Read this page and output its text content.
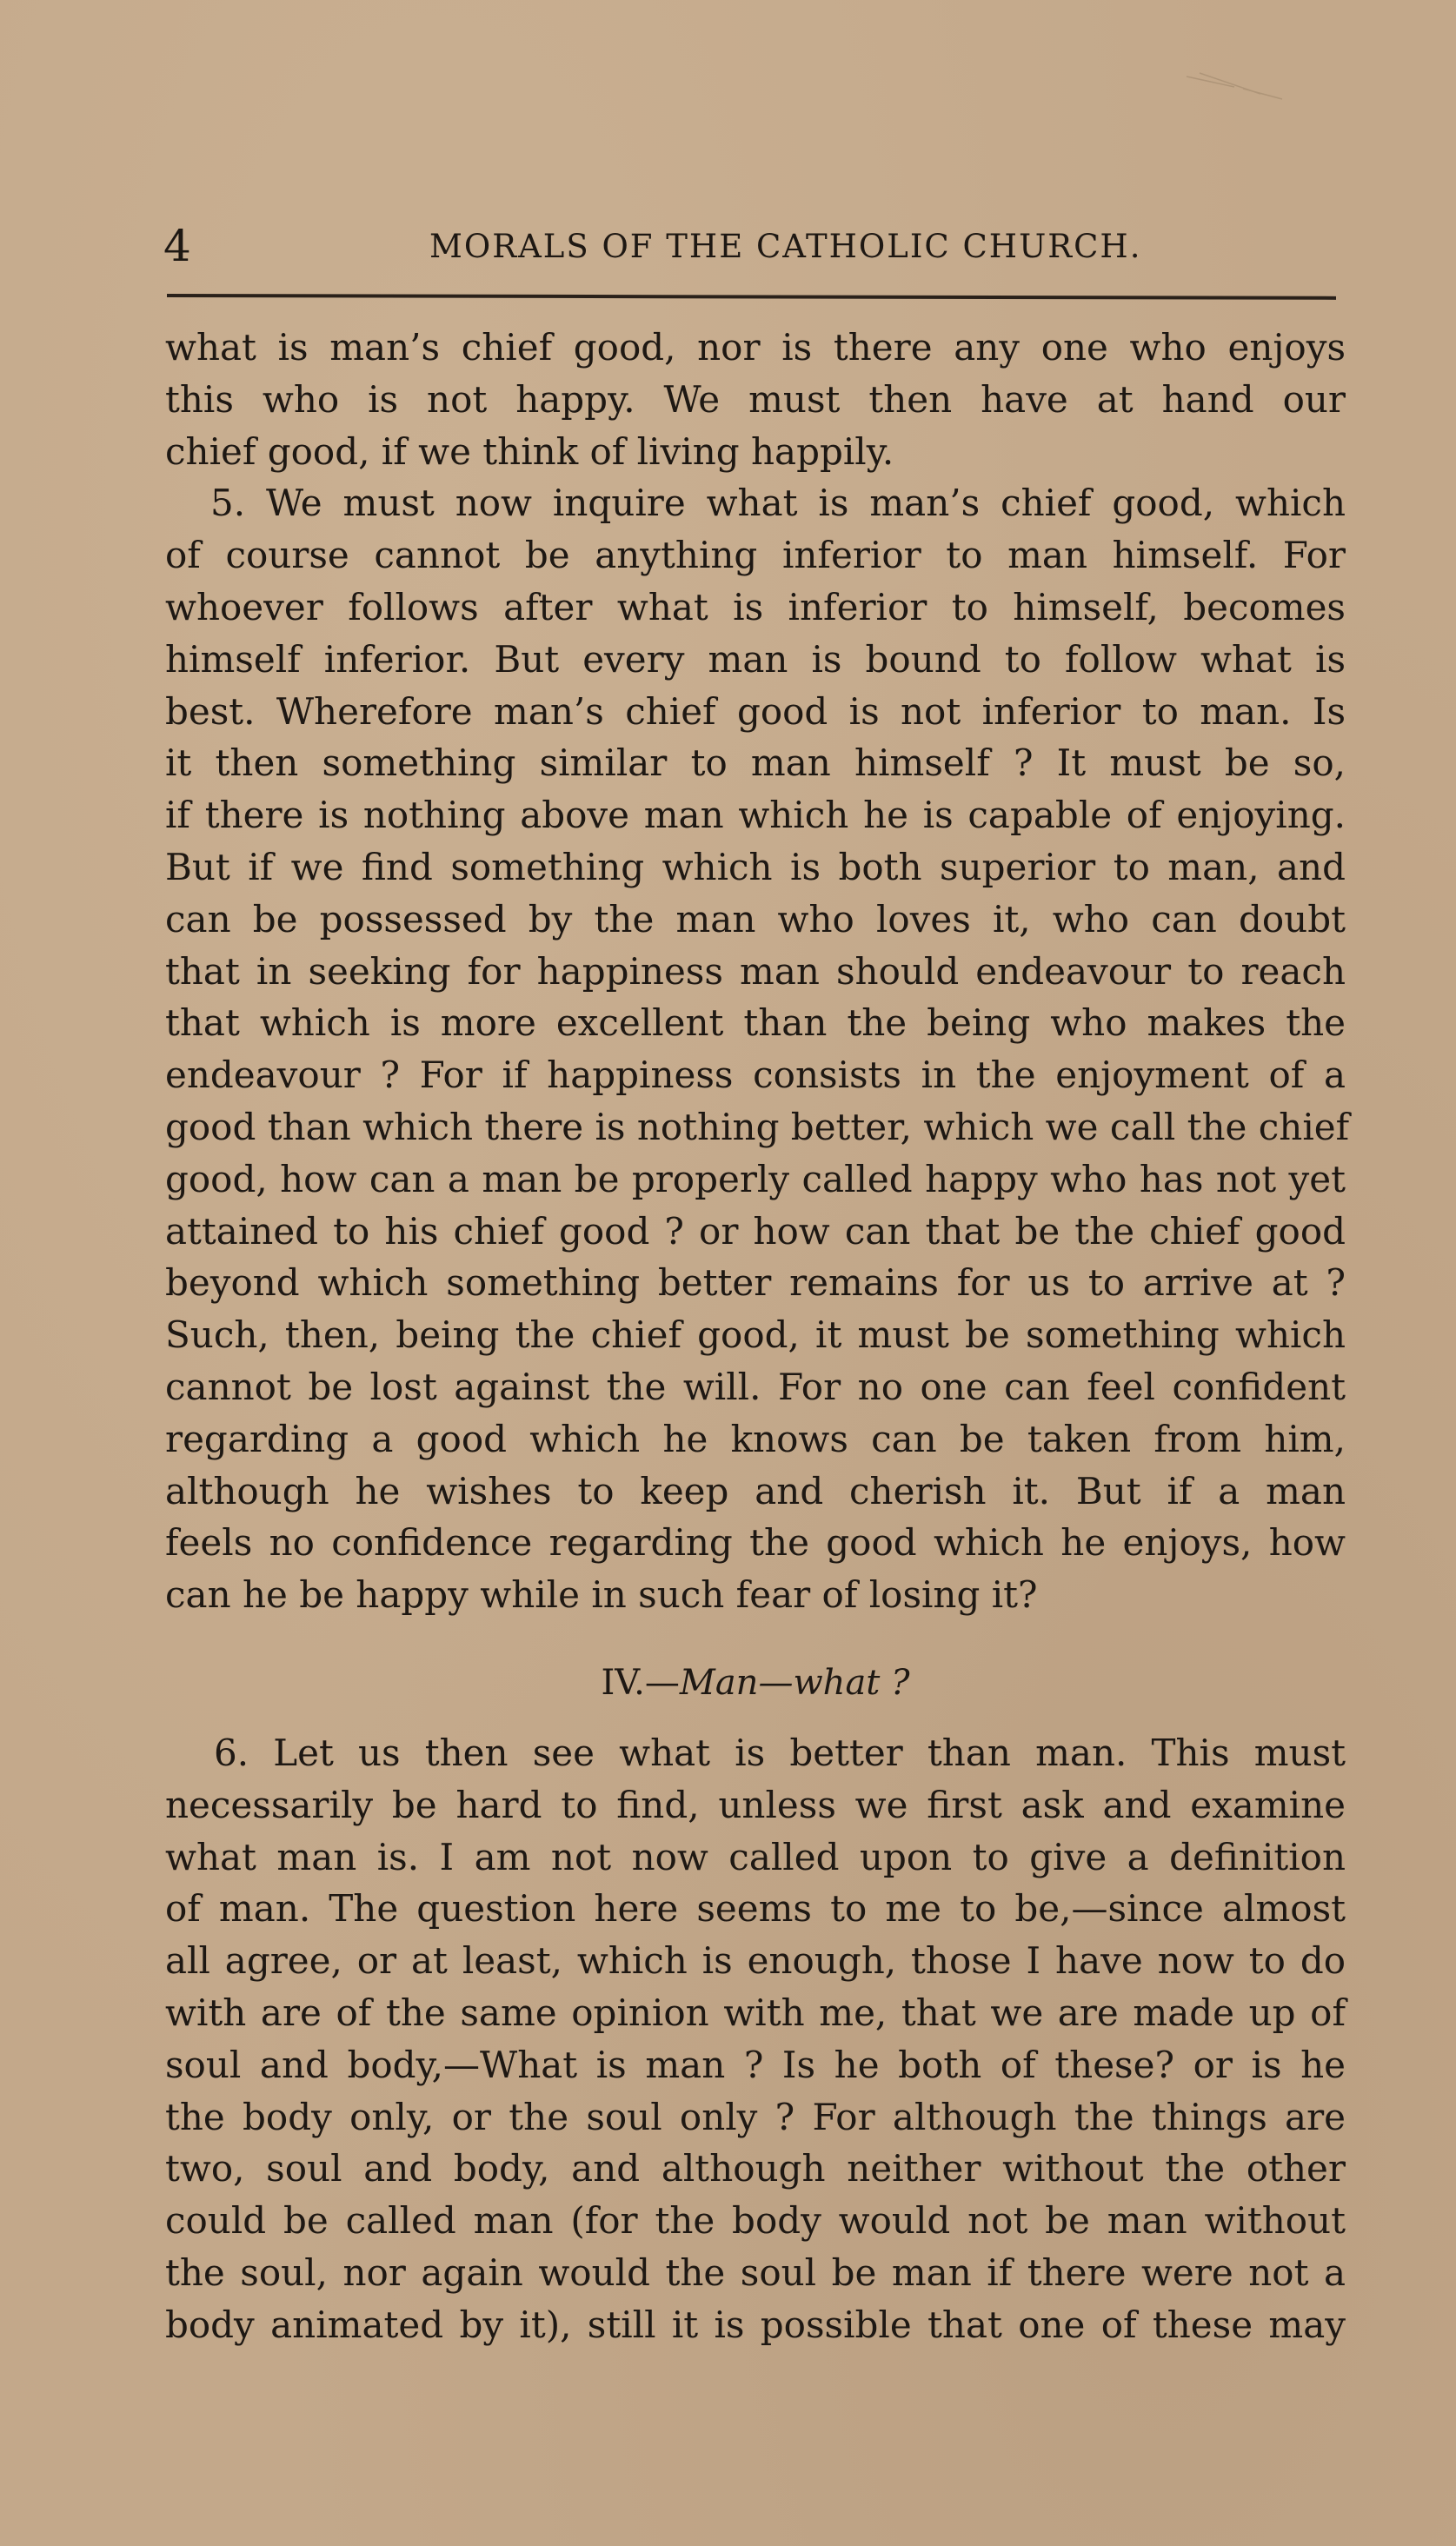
4	MORALS OF THE CATHOLIC CHURCH.
what is man’s chief good, nor is there any one who enjoys
this who is not happy. We must then have at hand our
chief good, if we think of living happily.
5. We must now inquire what is man’s chief good, which
of course cannot be anything inferior to man himself. For
whoever follows after what is inferior to himself, becomes
himself inferior. But every man is bound to follow what is
best. Wherefore man’s chief good is not inferior to man. Is
it then something similar to man himself ? It must be so,
if there is nothing above man which he is capable of enjoying.
But if we find something which is both superior to man, and
can be possessed by the man who loves it, who can doubt
that in seeking for happiness man should endeavour to reach
that which is more excellent than the being who makes the
endeavour ? For if happiness consists in the enjoyment of a
good than which there is nothing better, which we call the chief
good, how can a man be properly called happy who has not yet
attained to his chief good ? or how can that be the chief good
beyond which something better remains for us to arrive at ?
Such, then, being the chief good, it must be something which
cannot be lost against the will. For no one can feel confident
regarding a good which he knows can be taken from him,
although he wishes to keep and cherish it. But if a man
feels no confidence regarding the good which he enjoys, how
can he be happy while in such fear of losing it?
IV.—Man—what ?
6. Let us then see what is better than man. This must
necessarily be hard to find, unless we first ask and examine
what man is. I am not now called upon to give a definition
of man. The question here seems to me to be,—since almost
all agree, or at least, which is enough, those I have now to do
with are of the same opinion with me, that we are made up of
soul and body,—What is man ? Is he both of these? or is he
the body only, or the soul only ? For although the things are
two, soul and body, and although neither without the other
could be called man (for the body would not be man without
the soul, nor again would the soul be man if there were not a
body animated by it), still it is possible that one of these may
